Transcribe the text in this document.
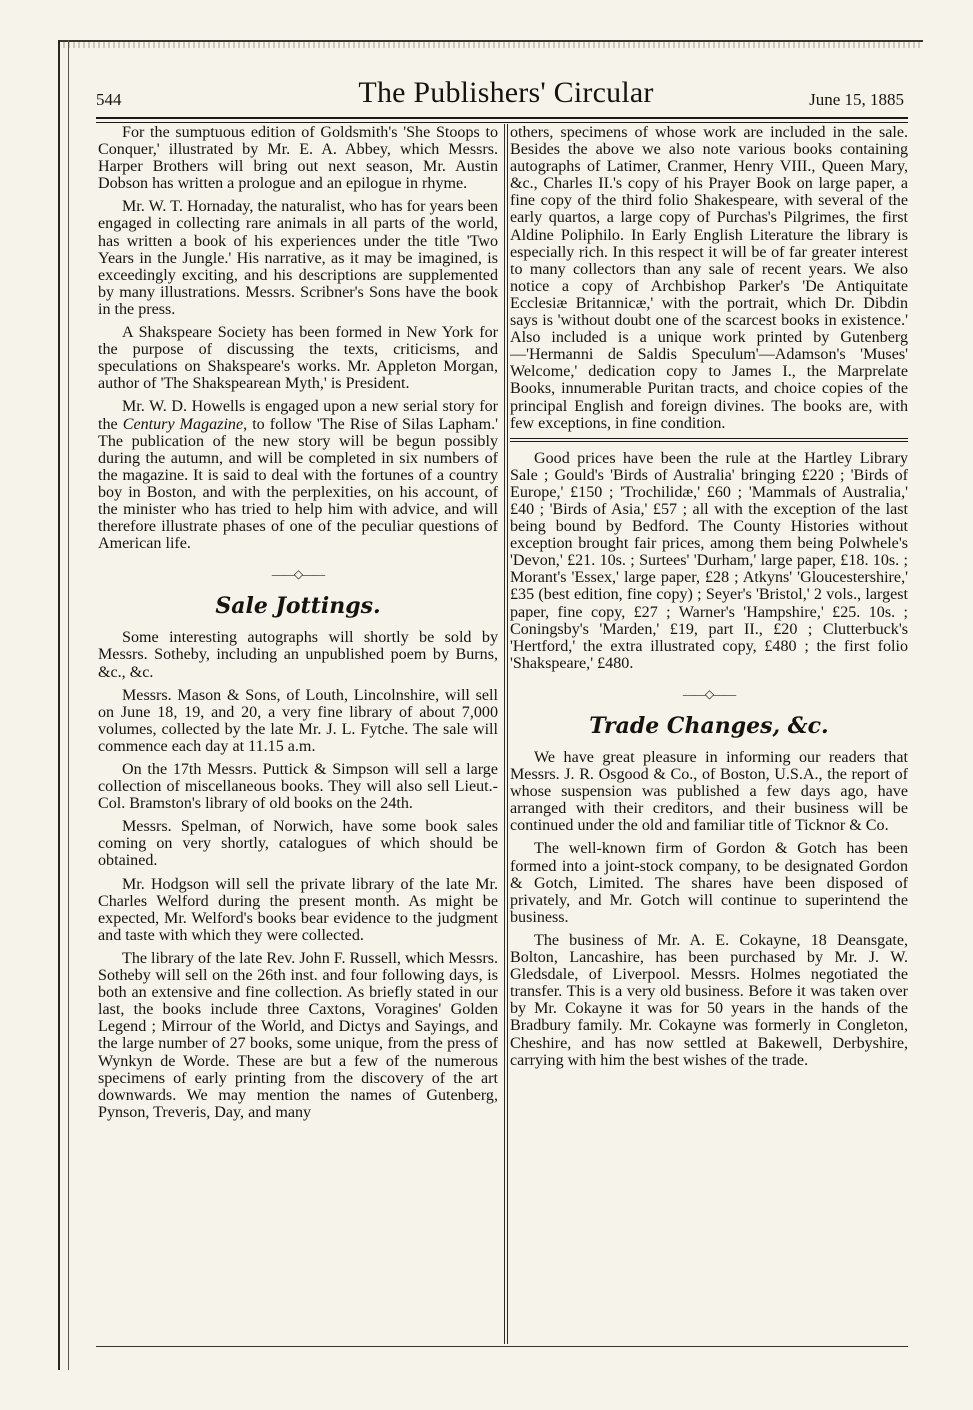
544	The Publishers' Circular	June 15, 1885

For the sumptuous edition of Goldsmith's 'She Stoops to Conquer,' illustrated by Mr. E. A. Abbey, which Messrs. Harper Brothers will bring out next season, Mr. Austin Dobson has written a prologue and an epilogue in rhyme.

Mr. W. T. Hornaday, the naturalist, who has for years been engaged in collecting rare animals in all parts of the world, has written a book of his experiences under the title 'Two Years in the Jungle.' His narrative, as it may be imagined, is exceedingly exciting, and his descriptions are supplemented by many illustrations. Messrs. Scribner's Sons have the book in the press.

A Shakspeare Society has been formed in New York for the purpose of discussing the texts, criticisms, and speculations on Shakspeare's works. Mr. Appleton Morgan, author of 'The Shakspearean Myth,' is President.

Mr. W. D. Howells is engaged upon a new serial story for the Century Magazine, to follow 'The Rise of Silas Lapham.' The publication of the new story will be begun possibly during the autumn, and will be completed in six numbers of the magazine. It is said to deal with the fortunes of a country boy in Boston, and with the perplexities, on his account, of the minister who has tried to help him with advice, and will therefore illustrate phases of one of the peculiar questions of American life.

——◇——
Sale Jottings.

Some interesting autographs will shortly be sold by Messrs. Sotheby, including an unpublished poem by Burns, &c., &c.

Messrs. Mason & Sons, of Louth, Lincolnshire, will sell on June 18, 19, and 20, a very fine library of about 7,000 volumes, collected by the late Mr. J. L. Fytche. The sale will commence each day at 11.15 a.m.

On the 17th Messrs. Puttick & Simpson will sell a large collection of miscellaneous books. They will also sell Lieut.-Col. Bramston's library of old books on the 24th.

Messrs. Spelman, of Norwich, have some book sales coming on very shortly, catalogues of which should be obtained.

Mr. Hodgson will sell the private library of the late Mr. Charles Welford during the present month. As might be expected, Mr. Welford's books bear evidence to the judgment and taste with which they were collected.

The library of the late Rev. John F. Russell, which Messrs. Sotheby will sell on the 26th inst. and four following days, is both an extensive and fine collection. As briefly stated in our last, the books include three Caxtons, Voragines' Golden Legend ; Mirrour of the World, and Dictys and Sayings, and the large number of 27 books, some unique, from the press of Wynkyn de Worde. These are but a few of the numerous specimens of early printing from the discovery of the art downwards. We may mention the names of Gutenberg, Pynson, Treveris, Day, and many

others, specimens of whose work are included in the sale. Besides the above we also note various books containing autographs of Latimer, Cranmer, Henry VIII., Queen Mary, &c., Charles II.'s copy of his Prayer Book on large paper, a fine copy of the third folio Shakespeare, with several of the early quartos, a large copy of Purchas's Pilgrimes, the first Aldine Poliphilo. In Early English Literature the library is especially rich. In this respect it will be of far greater interest to many collectors than any sale of recent years. We also notice a copy of Archbishop Parker's 'De Antiquitate Ecclesiæ Britannicæ,' with the portrait, which Dr. Dibdin says is 'without doubt one of the scarcest books in existence.' Also included is a unique work printed by Gutenberg—'Hermanni de Saldis Speculum'—Adamson's 'Muses' Welcome,' dedication copy to James I., the Marprelate Books, innumerable Puritan tracts, and choice copies of the principal English and foreign divines. The books are, with few exceptions, in fine condition.

Good prices have been the rule at the Hartley Library Sale ; Gould's 'Birds of Australia' bringing £220 ; 'Birds of Europe,' £150 ; 'Trochilidæ,' £60 ; 'Mammals of Australia,' £40 ; 'Birds of Asia,' £57 ; all with the exception of the last being bound by Bedford. The County Histories without exception brought fair prices, among them being Polwhele's 'Devon,' £21. 10s. ; Surtees' 'Durham,' large paper, £18. 10s. ; Morant's 'Essex,' large paper, £28 ; Atkyns' 'Gloucestershire,' £35 (best edition, fine copy) ; Seyer's 'Bristol,' 2 vols., largest paper, fine copy, £27 ; Warner's 'Hampshire,' £25. 10s. ; Coningsby's 'Marden,' £19, part II., £20 ; Clutterbuck's 'Hertford,' the extra illustrated copy, £480 ; the first folio 'Shakspeare,' £480.

——◇——
Trade Changes, &c.

We have great pleasure in informing our readers that Messrs. J. R. Osgood & Co., of Boston, U.S.A., the report of whose suspension was published a few days ago, have arranged with their creditors, and their business will be continued under the old and familiar title of Ticknor & Co.

The well-known firm of Gordon & Gotch has been formed into a joint-stock company, to be designated Gordon & Gotch, Limited. The shares have been disposed of privately, and Mr. Gotch will continue to superintend the business.

The business of Mr. A. E. Cokayne, 18 Deansgate, Bolton, Lancashire, has been purchased by Mr. J. W. Gledsdale, of Liverpool. Messrs. Holmes negotiated the transfer. This is a very old business. Before it was taken over by Mr. Cokayne it was for 50 years in the hands of the Bradbury family. Mr. Cokayne was formerly in Congleton, Cheshire, and has now settled at Bakewell, Derbyshire, carrying with him the best wishes of the trade.
